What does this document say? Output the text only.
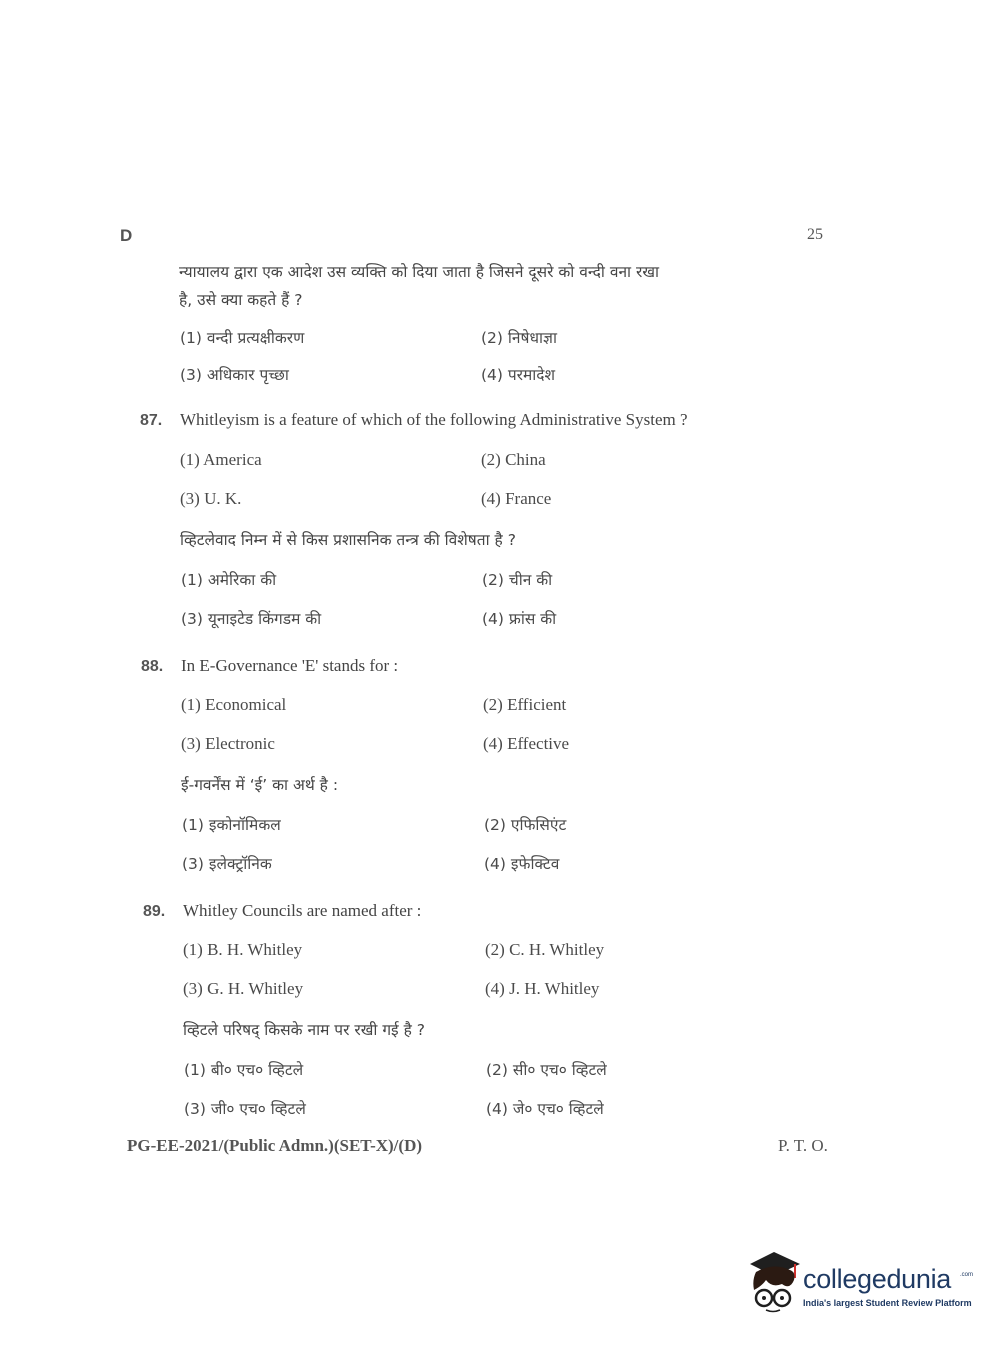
D	25
न्यायालय द्वारा एक आदेश उस व्यक्ति को दिया जाता है जिसने दूसरे को वन्दी वना रखा
है, उसे क्या कहते हैं ?
(1) वन्दी प्रत्यक्षीकरण	(2) निषेधाज्ञा
(3) अधिकार पृच्छा	(4) परमादेश
87. Whitleyism is a feature of which of the following Administrative System ?
(1) America	(2) China
(3) U. K.	(4) France
व्हिटलेवाद निम्न में से किस प्रशासनिक तन्त्र की विशेषता है ?
(1) अमेरिका की	(2) चीन की
(3) यूनाइटेड किंगडम की	(4) फ्रांस की
88. In E-Governance 'E' stands for :
(1) Economical	(2) Efficient
(3) Electronic	(4) Effective
ई-गवर्नेंस में ‘ई’ का अर्थ है :
(1) इकोनॉमिकल	(2) एफिसिएंट
(3) इलेक्ट्रॉनिक	(4) इफेक्टिव
89. Whitley Councils are named after :
(1) B. H. Whitley	(2) C. H. Whitley
(3) G. H. Whitley	(4) J. H. Whitley
व्हिटले परिषद् किसके नाम पर रखी गई है ?
(1) बी० एच० व्हिटले	(2) सी० एच० व्हिटले
(3) जी० एच० व्हिटले	(4) जे० एच० व्हिटले
PG-EE-2021/(Public Admn.)(SET-X)/(D)	P. T. O.
collegedunia .com
India's largest Student Review Platform
